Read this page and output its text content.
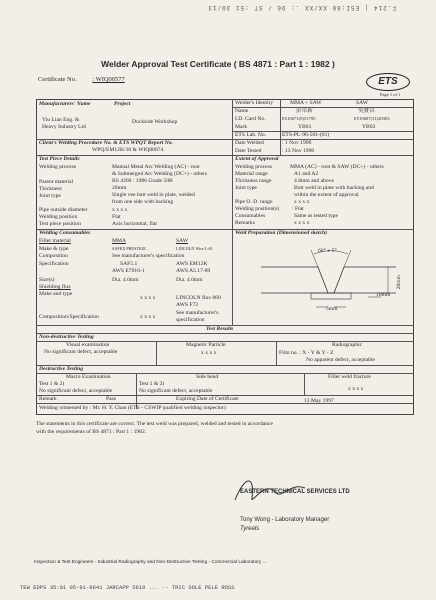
F.214 | ESI:80 XX/XX .: 96 / ST :51 30/13
Welder Approval Test Certificate ( BS 4871 : Part 1 : 1982 )
Certificate No. : WIQ00577	ETS
Page 1 of 1
Manufacturers' Name	Project
Yiu Lian Eng. &
Heavy Industry Ltd
Dockside Workshop
Welder's Identity	MMA + SAW	SAW
Name	彭卓新	吳寶昌
I.D. Card No.	E510671(0)51795	E510687(11)20303
Mark	YB01	YB02
ETS Lab. No.	ETS-PL-96-501-(01)
Date Welded	: 1 Nov 1996
Date Tested	: 13 Nov 1996
Client's Welding Procedure No. & ETS WPQT Report No.
WPQ/EM12K/10 & WIQ00874
Test Piece Details
Welding process	Manual Metal Arc Welding (AC) - root
& Submerged Arc Welding (DC+) - others
Parent material	BS 4360 : 1986 Grade 50B
Thickness	20mm
Joint type	Single vee butt weld in plate, welded
from one side with backing
Pipe outside diameter	x x x x
Welding position	Flat
Test piece position	Axis horizontal, flat
Extent of Approval
Welding process	MMA (AC) - root & SAW (DC+) - others
Material range	A1 and A2
Thickness range	4.8mm and above
Joint type	Butt weld in plate with backing and
within the extent of approval
Pipe O. D. range	x x x x
Welding position(s) : Flat
Consumables	Same as tested type
Remarks	x x x x
Welding Consumables
Filler material	MMA	SAW
Make & type	SAFEX PRESTIGE	LINCOLN Wire L-61
Composition	See manufacturer's specification
Specification	SAF5.1	AWS EM12K
AWS E7016-1	AWS A5.17-89
Size(s)	Dia. 4.0mm	Dia. 4.0mm
Shielding flux
Make and type
x x x x	LINCOLN flux 860
AWS F72
Composition/Specification	x x x x
See manufacturer's
specification
Weld Preparation (Dimensioned sketch)
60° ± 5°
20mm
10mm
5mm
Test Results
Non-destructive Testing
Visual examination
No significant defect, acceptable
Magnetic Particle
x x x x
Radiographic
Film no. : X - Y & Y - Z
No apparent defect, acceptable
Destructive Testing
Macro Examination
Test 1 & 2)
No significant defect, acceptable
Side bend
Test 1 & 2)
No significant defect, acceptable
Fillet weld fracture
x x x x
Remark	Pass	Expiring Date of Certificate	13 May 1997
Welding witnessed by : Mr. H. Y. Chan (ETS - CSWIP qualified welding inspector)
The statements in this certificate are correct. The test weld was prepared, welded and tested in accordance
with the requirements of BS 4871 : Part 1 : 1982.
EASTERN TECHNICAL SERVICES LTD
Tony Wong - Laboratory Manager
Tyreals
Inspection & Test Engineers - Industrial Radiography and Non-Destructive Testing - Commercial Laboratory ...
TEW EDPS 35:01 05-91-9641 JARCAPP 5610 ... -- TRIC SOLE PELE ROSS
